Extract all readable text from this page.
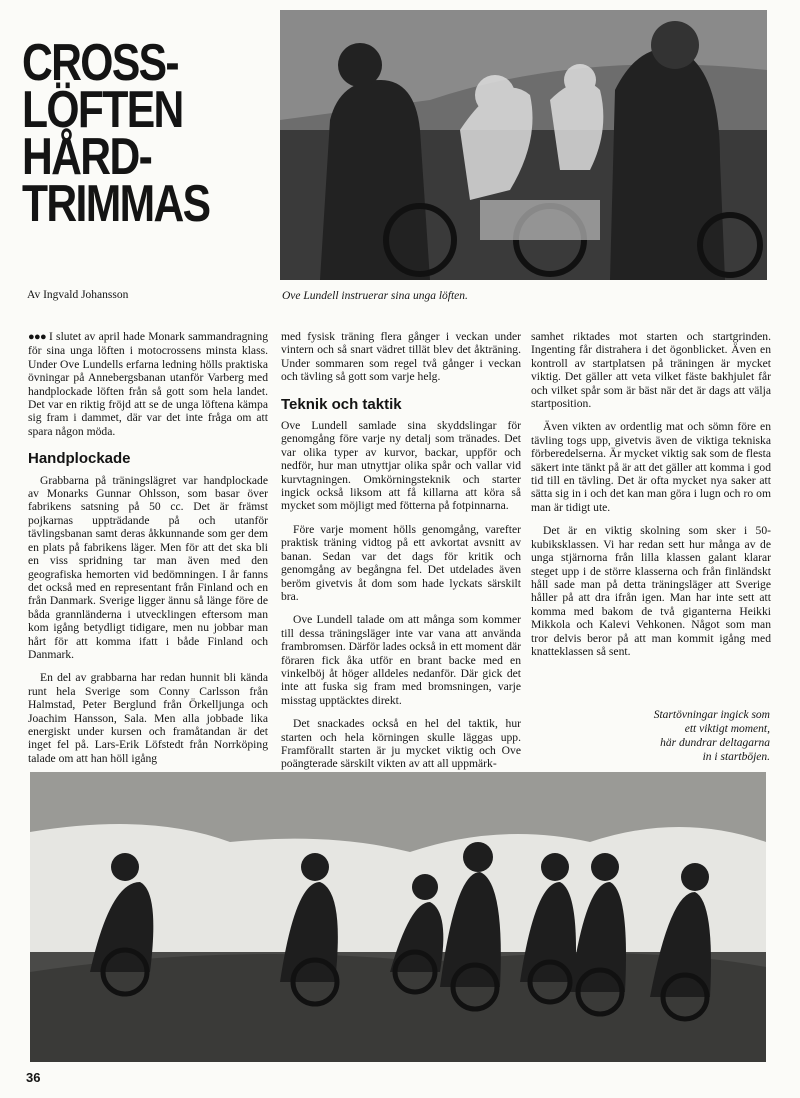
CROSS-
LÖFTEN
HÅRD-
TRIMMAS
Av Ingvald Johansson	Ove Lundell instruerar sina unga löften.

●●● I slutet av april hade Monark sammandragning för sina unga löften i motocrossens minsta klass. Under Ove Lundells erfarna ledning hölls praktiska övningar på Annebergsbanan utanför Varberg med handplockade löften från så gott som hela landet. Det var en riktig fröjd att se de unga löftena kämpa sig fram i dammet, där var det inte fråga om att spara någon möda.

Handplockade

Grabbarna på träningslägret var handplockade av Monarks Gunnar Ohlsson, som basar över fabrikens satsning på 50 cc. Det är främst pojkarnas uppträdande på och utanför tävlingsbanan samt deras åkkunnande som ger dem en plats på fabrikens läger. Men för att det ska bli en viss spridning tar man även med den geografiska hemorten vid bedömningen. I år fanns det också med en representant från Finland och en från Danmark. Sverige ligger ännu så länge före de båda grannländerna i utvecklingen eftersom man kom igång betydligt tidigare, men nu jobbar man hårt för att komma ifatt i både Finland och Danmark.

En del av grabbarna har redan hunnit bli kända runt hela Sverige som Conny Carlsson från Halmstad, Peter Berglund från Örkelljunga och Joachim Hansson, Sala. Men alla jobbade lika energiskt under kursen och framåtandan är det inget fel på. Lars-Erik Löfstedt från Norrköping talade om att han höll igång

med fysisk träning flera gånger i veckan under vintern och så snart vädret tillät blev det åkträning. Under sommaren som regel två gånger i veckan och tävling så gott som varje helg.

Teknik och taktik

Ove Lundell samlade sina skyddslingar för genomgång före varje ny detalj som tränades. Det var olika typer av kurvor, backar, uppför och nedför, hur man utnyttjar olika spår och vallar vid kurvtagningen. Omkörningsteknik och starter ingick också liksom att få killarna att köra så mycket som möjligt med fötterna på fotpinnarna.

Före varje moment hölls genomgång, varefter praktisk träning vidtog på ett avkortat avsnitt av banan. Sedan var det dags för kritik och genomgång av begångna fel. Det utdelades även beröm givetvis åt dom som hade lyckats särskilt bra.

Ove Lundell talade om att många som kommer till dessa träningsläger inte var vana att använda frambromsen. Därför lades också in ett moment där föraren fick åka utför en brant backe med en vinkelböj åt höger alldeles nedanför. Där gick det inte att fuska sig fram med bromsningen, varje misstag upptäcktes direkt.

Det snackades också en hel del taktik, hur starten och hela körningen skulle läggas upp. Framförallt starten är ju mycket viktig och Ove poängterade särskilt vikten av att all uppmärk-

samhet riktades mot starten och startgrinden. Ingenting får distrahera i det ögonblicket. Även en kontroll av startplatsen på träningen är mycket viktig. Det gäller att veta vilket fäste bakhjulet får och vilket spår som är bäst när det är dags att välja startposition.

Även vikten av ordentlig mat och sömn före en tävling togs upp, givetvis även de viktiga tekniska förberedelserna. Är mycket viktig sak som de flesta säkert inte tänkt på är att det gäller att komma i god tid till en tävling. Det är ofta mycket nya saker att sätta sig in i och det kan man göra i lugn och ro om man är tidigt ute.

Det är en viktig skolning som sker i 50-kubiksklassen. Vi har redan sett hur många av de unga stjärnorna från lilla klassen galant klarar steget upp i de större klasserna och från finländskt håll sade man på detta träningsläger att Sverige håller på att dra ifrån igen. Man har inte sett att komma med bakom de två giganterna Heikki Mikkola och Kalevi Vehkonen. Något som man tror delvis beror på att man kommit igång med knatteklassen så sent.

Startövningar ingick som
ett viktigt moment,
här dundrar deltagarna
in i startböjen.
36
